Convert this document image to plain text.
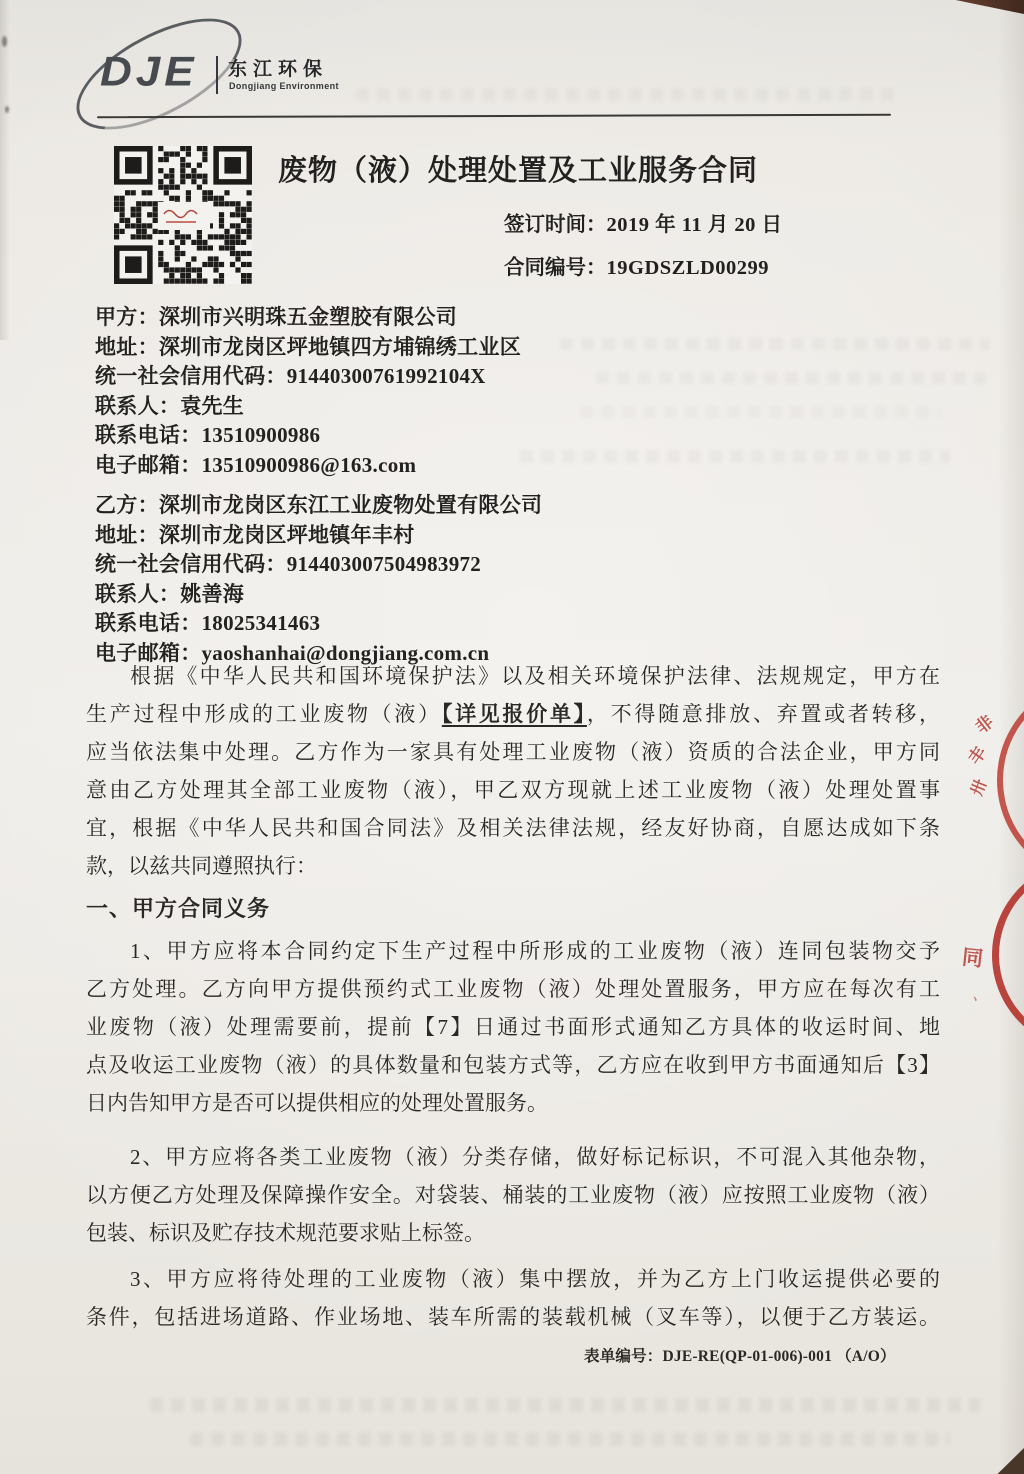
DJE 东江环保
Dongjiang Environment
废物（液）处理处置及工业服务合同
签订时间：2019 年 11 月 20 日
合同编号：19GDSZLD00299
甲方：深圳市兴明珠五金塑胶有限公司
地址：深圳市龙岗区坪地镇四方埔锦绣工业区
统一社会信用代码：91440300761992104X
联系人：袁先生
联系电话：13510900986
电子邮箱：13510900986@163.com
乙方：深圳市龙岗区东江工业废物处置有限公司
地址：深圳市龙岗区坪地镇年丰村
统一社会信用代码：914403007504983972
联系人：姚善海
联系电话：18025341463
电子邮箱：yaoshanhai@dongjiang.com.cn
根据《中华人民共和国环境保护法》以及相关环境保护法律、法规规定，甲方在
生产过程中形成的工业废物（液）【详见报价单】，不得随意排放、弃置或者转移，
应当依法集中处理。乙方作为一家具有处理工业废物（液）资质的合法企业，甲方同
意由乙方处理其全部工业废物（液），甲乙双方现就上述工业废物（液）处理处置事
宜，根据《中华人民共和国合同法》及相关法律法规，经友好协商，自愿达成如下条
款，以兹共同遵照执行：
一、甲方合同义务
1、甲方应将本合同约定下生产过程中所形成的工业废物（液）连同包装物交予
乙方处理。乙方向甲方提供预约式工业废物（液）处理处置服务，甲方应在每次有工
业废物（液）处理需要前，提前【7】日通过书面形式通知乙方具体的收运时间、地
点及收运工业废物（液）的具体数量和包装方式等，乙方应在收到甲方书面通知后【3】
日内告知甲方是否可以提供相应的处理处置服务。
2、甲方应将各类工业废物（液）分类存储，做好标记标识，不可混入其他杂物，
以方便乙方处理及保障操作安全。对袋装、桶装的工业废物（液）应按照工业废物（液）
包装、标识及贮存技术规范要求贴上标签。
3、甲方应将待处理的工业废物（液）集中摆放，并为乙方上门收运提供必要的
条件，包括进场道路、作业场地、装车所需的装载机械（叉车等），以便于乙方装运。
表单编号：DJE-RE(QP-01-006)-001 （A/O）
非
丰
卅
同
、
